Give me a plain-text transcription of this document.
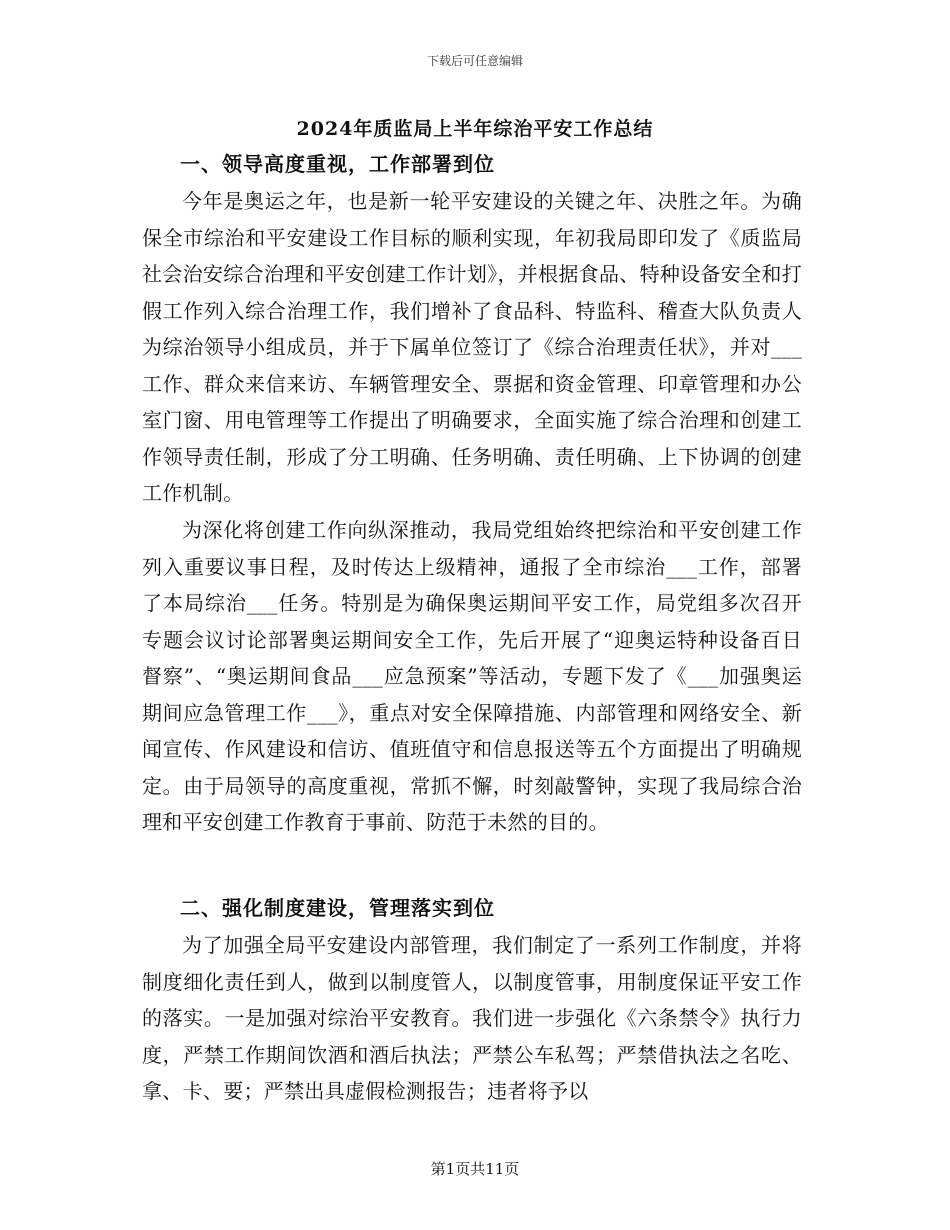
下载后可任意编辑
2024年质监局上半年综治平安工作总结
一、领导高度重视，工作部署到位
今年是奥运之年，也是新一轮平安建设的关键之年、决胜之年。为确保全市综治和平安建设工作目标的顺利实现，年初我局即印发了《质监局社会治安综合治理和平安创建工作计划》，并根据食品、特种设备安全和打假工作列入综合治理工作，我们增补了食品科、特监科、稽查大队负责人为综治领导小组成员，并于下属单位签订了《综合治理责任状》，并对___工作、群众来信来访、车辆管理安全、票据和资金管理、印章管理和办公室门窗、用电管理等工作提出了明确要求，全面实施了综合治理和创建工作领导责任制，形成了分工明确、任务明确、责任明确、上下协调的创建工作机制。
为深化将创建工作向纵深推动，我局党组始终把综治和平安创建工作列入重要议事日程，及时传达上级精神，通报了全市综治___工作，部署了本局综治___任务。特别是为确保奥运期间平安工作，局党组多次召开专题会议讨论部署奥运期间安全工作，先后开展了“迎奥运特种设备百日督察”、“奥运期间食品___应急预案”等活动，专题下发了《___加强奥运期间应急管理工作___》，重点对安全保障措施、内部管理和网络安全、新闻宣传、作风建设和信访、值班值守和信息报送等五个方面提出了明确规定。由于局领导的高度重视，常抓不懈，时刻敲警钟，实现了我局综合治理和平安创建工作教育于事前、防范于未然的目的。
二、强化制度建设，管理落实到位
为了加强全局平安建设内部管理，我们制定了一系列工作制度，并将制度细化责任到人，做到以制度管人，以制度管事，用制度保证平安工作的落实。一是加强对综治平安教育。我们进一步强化《六条禁令》执行力度，严禁工作期间饮酒和酒后执法；严禁公车私驾；严禁借执法之名吃、拿、卡、要；严禁出具虚假检测报告；违者将予以
第1页共11页
